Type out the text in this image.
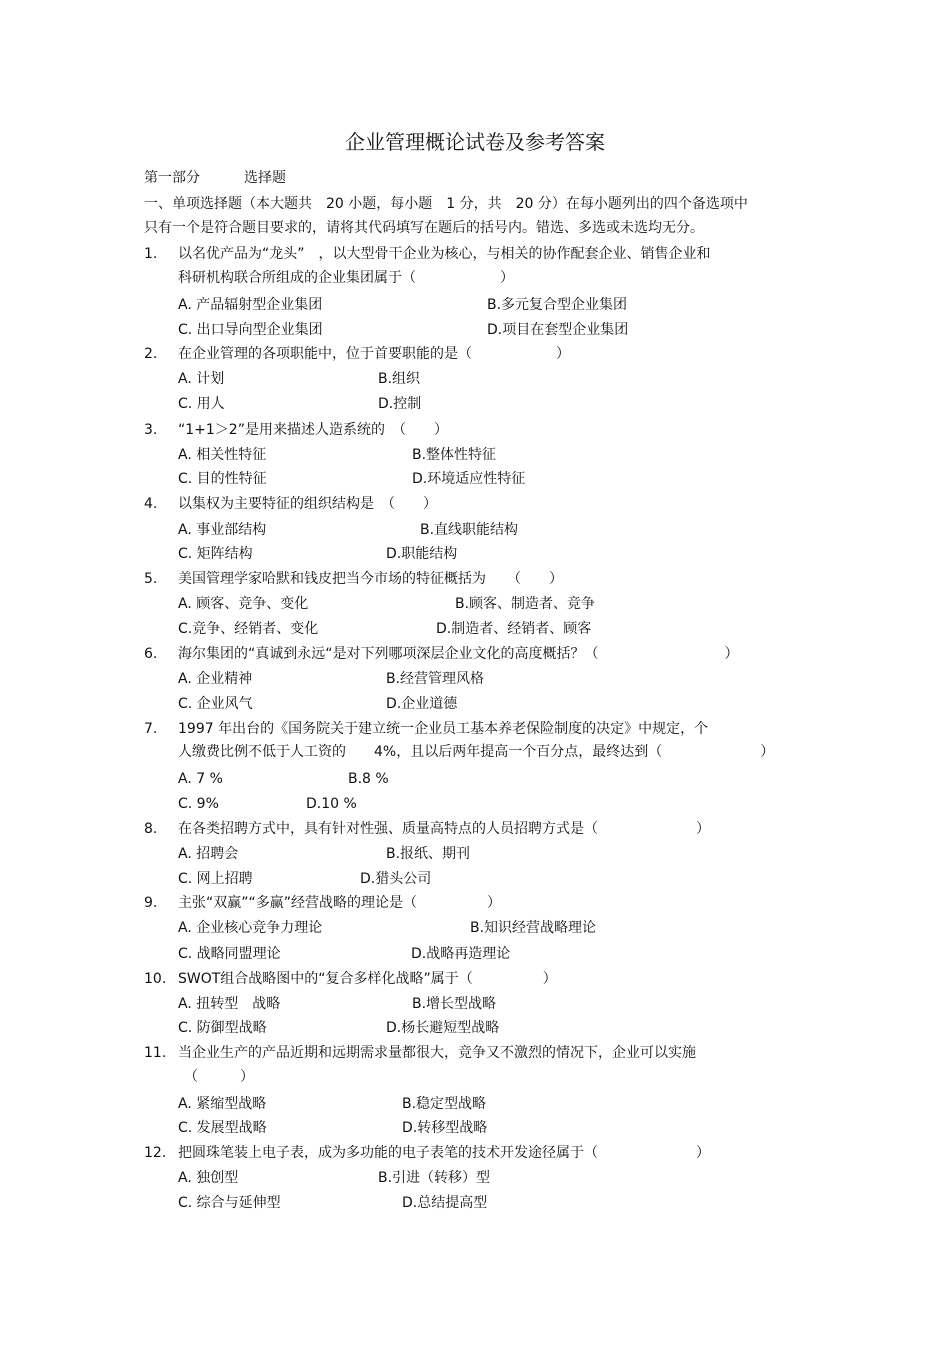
企业管理概论试卷及参考答案
第一部分	选择题
一、单项选择题（本大题共　20 小题，每小题　1 分，共　20 分）在每小题列出的四个备选项中
只有一个是符合题目要求的，请将其代码填写在题后的括号内。错选、多选或未选均无分。
1. 以名优产品为“龙头”　，以大型骨干企业为核心，与相关的协作配套企业、销售企业和
科研机构联合所组成的企业集团属于（　　　　　　）
A. 产品辐射型企业集团	B.多元复合型企业集团
C. 出口导向型企业集团	D.项目在套型企业集团
2. 在企业管理的各项职能中，位于首要职能的是（　　　　　　）
A. 计划	B.组织
C. 用人	D.控制
3. “1+1＞2”是用来描述人造系统的　（　　）
A. 相关性特征	B.整体性特征
C. 目的性特征	D.环境适应性特征
4. 以集权为主要特征的组织结构是　（　　）
A. 事业部结构	B.直线职能结构
C. 矩阵结构	D.职能结构
5. 美国管理学家哈默和钱皮把当今市场的特征概括为　　（　　）
A. 顾客、竞争、变化	B.顾客、制造者、竞争
C.竞争、经销者、变化	D.制造者、经销者、顾客
6. 海尔集团的“真诚到永远“是对下列哪项深层企业文化的高度概括？（　　　　　　　　　）
A. 企业精神	B.经营管理风格
C. 企业风气	D.企业道德
7. 1997 年出台的《国务院关于建立统一企业员工基本养老保险制度的决定》中规定，个
人缴费比例不低于人工资的　　4%，且以后两年提高一个百分点，最终达到（　　　　　　　）
A. 7 %	B.8 %
C. 9%	D.10 %
8. 在各类招聘方式中，具有针对性强、质量高特点的人员招聘方式是（　　　　　　　）
A. 招聘会	B.报纸、期刊
C. 网上招聘	D.猎头公司
9. 主张“双赢”“多赢”经营战略的理论是（　　　　　）
A. 企业核心竞争力理论	B.知识经营战略理论
C. 战略同盟理论	D.战略再造理论
10. SWOT组合战略图中的“复合多样化战略”属于（　　　　　）
A. 扭转型　战略	B.增长型战略
C. 防御型战略	D.杨长避短型战略
11. 当企业生产的产品近期和远期需求量都很大，竞争又不激烈的情况下，企业可以实施
（　　　）
A. 紧缩型战略	B.稳定型战略
C. 发展型战略	D.转移型战略
12. 把圆珠笔装上电子表，成为多功能的电子表笔的技术开发途径属于（　　　　　　　）
A. 独创型	B.引进（转移）型
C. 综合与延伸型	D.总结提高型
